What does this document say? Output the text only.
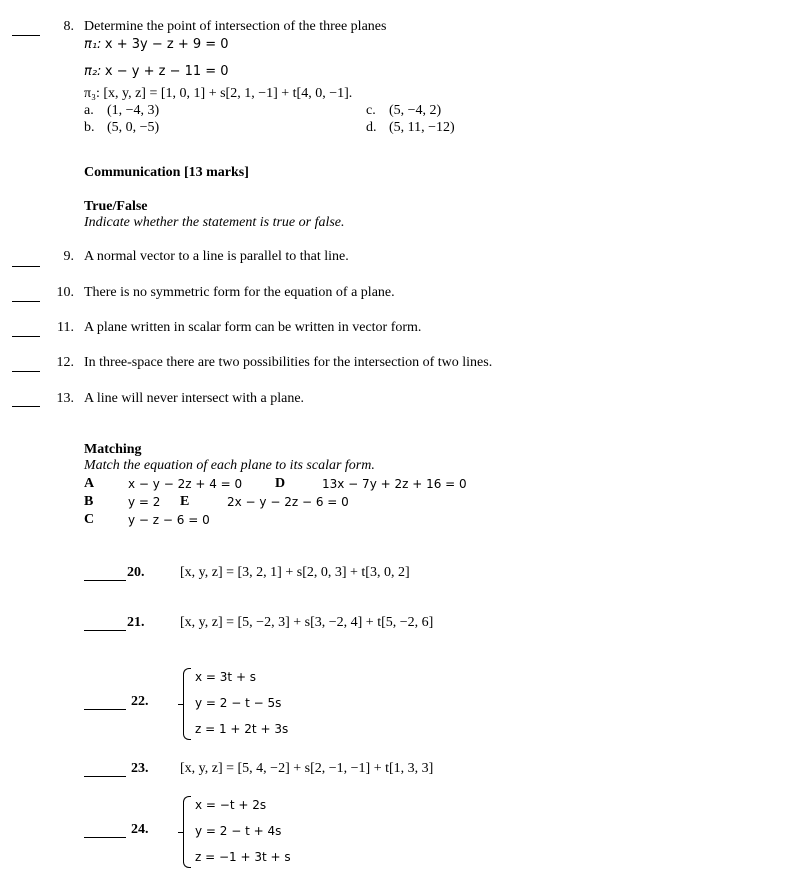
8. Determine the point of intersection of the three planes
π₁: x + 3y − z + 9 = 0
π₂: x − y + z − 11 = 0
π₃: [x, y, z] = [1, 0, 1] + s[2, 1, −1] + t[4, 0, −1].
a. (1, −4, 3)
b. (5, 0, −5)
c. (5, −4, 2)
d. (5, 11, −12)
Communication [13 marks]
True/False
Indicate whether the statement is true or false.
9. A normal vector to a line is parallel to that line.
10. There is no symmetric form for the equation of a plane.
11. A plane written in scalar form can be written in vector form.
12. In three-space there are two possibilities for the intersection of two lines.
13. A line will never intersect with a plane.
Matching
Match the equation of each plane to its scalar form.
A	x − y − 2z + 4 = 0 D	13x − 7y + 2z + 16 = 0
B	y = 2 E	2x − y − 2z − 6 = 0
C	y − z − 6 = 0
20.	[x, y, z] = [3, 2, 1] + s[2, 0, 3] + t[3, 0, 2]
21.	[x, y, z] = [5, −2, 3] + s[3, −2, 4] + t[5, −2, 6]
22.
x = 3t + s
y = 2 − t − 5s
z = 1 + 2t + 3s
23. [x, y, z] = [5, 4, −2] + s[2, −1, −1] + t[1, 3, 3]
24.
x = −t + 2s
y = 2 − t + 4s
z = −1 + 3t + s
